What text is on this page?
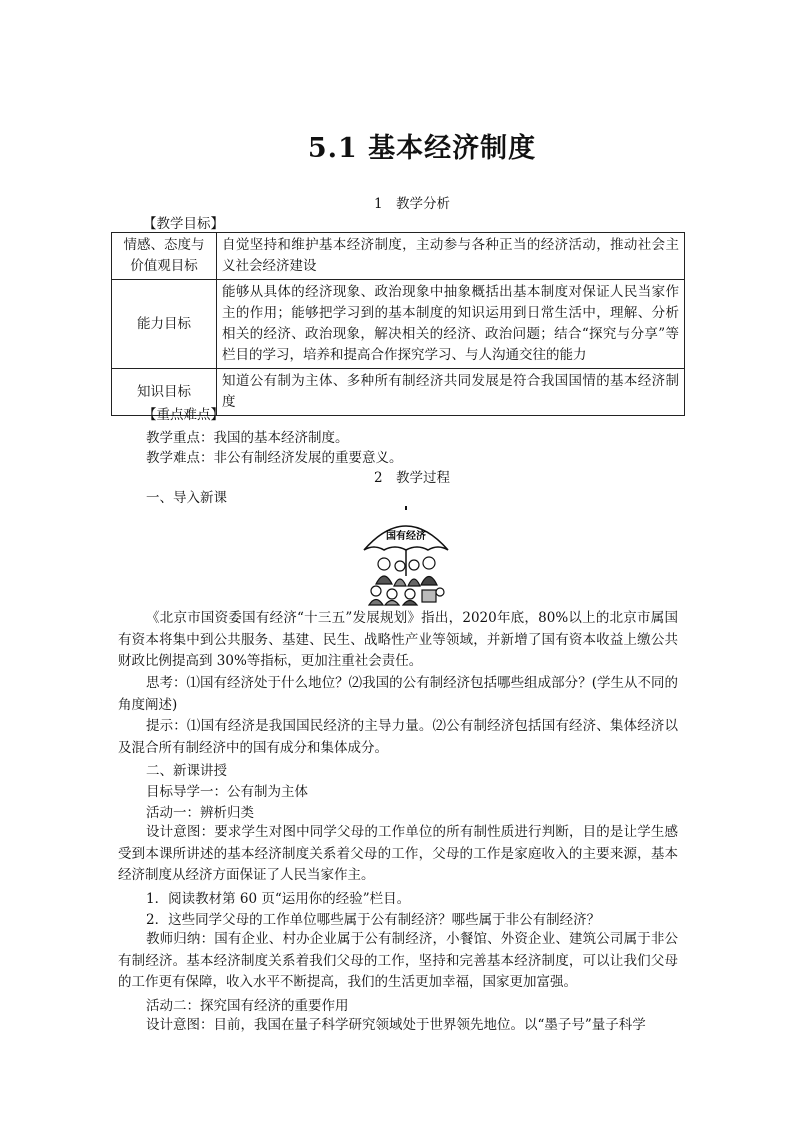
5.1 基本经济制度
1　教学分析
【教学目标】
情感、态度与价值观目标	自觉坚持和维护基本经济制度，主动参与各种正当的经济活动，推动社会主义社会经济建设
能力目标	能够从具体的经济现象、政治现象中抽象概括出基本制度对保证人民当家作主的作用；能够把学习到的基本制度的知识运用到日常生活中，理解、分析相关的经济、政治现象，解决相关的经济、政治问题；结合“探究与分享”等栏目的学习，培养和提高合作探究学习、与人沟通交往的能力
知识目标	知道公有制为主体、多种所有制经济共同发展是符合我国国情的基本经济制度
【重点难点】
教学重点：我国的基本经济制度。
教学难点：非公有制经济发展的重要意义。
2　教学过程
一、导入新课
国有经济
《北京市国资委国有经济“十三五”发展规划》指出，2020年底，80%以上的北京市属国有资本将集中到公共服务、基建、民生、战略性产业等领域，并新增了国有资本收益上缴公共财政比例提高到 30%等指标，更加注重社会责任。
思考：⑴国有经济处于什么地位？⑵我国的公有制经济包括哪些组成部分？(学生从不同的角度阐述)
提示：⑴国有经济是我国国民经济的主导力量。⑵公有制经济包括国有经济、集体经济以及混合所有制经济中的国有成分和集体成分。
二、新课讲授
目标导学一：公有制为主体
活动一：辨析归类
设计意图：要求学生对图中同学父母的工作单位的所有制性质进行判断，目的是让学生感受到本课所讲述的基本经济制度关系着父母的工作，父母的工作是家庭收入的主要来源，基本经济制度从经济方面保证了人民当家作主。
1．阅读教材第 60 页“运用你的经验”栏目。
2．这些同学父母的工作单位哪些属于公有制经济？哪些属于非公有制经济？
教师归纳：国有企业、村办企业属于公有制经济，小餐馆、外资企业、建筑公司属于非公有制经济。基本经济制度关系着我们父母的工作，坚持和完善基本经济制度，可以让我们父母的工作更有保障，收入水平不断提高，我们的生活更加幸福，国家更加富强。
活动二：探究国有经济的重要作用
设计意图：目前，我国在量子科学研究领域处于世界领先地位。以“墨子号”量子科学
